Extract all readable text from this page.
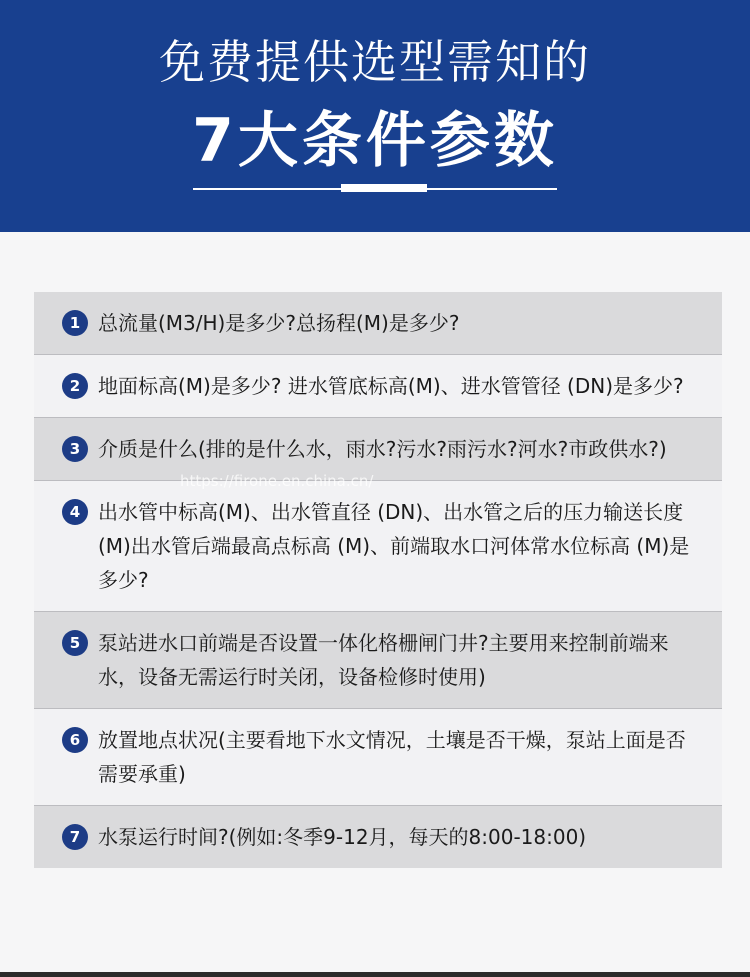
免费提供选型需知的
7大条件参数
1 总流量(M3/H)是多少?总扬程(M)是多少?
2 地面标高(M)是多少? 进水管底标高(M)、进水管管径 (DN)是多少?
3 介质是什么(排的是什么水，雨水?污水?雨污水?河水?市政供水?)
4 出水管中标高(M)、出水管直径 (DN)、出水管之后的压力输送长度 (M)出水管后端最高点标高 (M)、前端取水口河体常水位标高 (M)是多少?
5 泵站进水口前端是否设置一体化格栅闸门井?主要用来控制前端来水，设备无需运行时关闭，设备检修时使用)
6 放置地点状况(主要看地下水文情况，土壤是否干燥，泵站上面是否需要承重)
7 水泵运行时间?(例如:冬季9-12月，每天的8:00-18:00)
https://firone.en.china.cn/
